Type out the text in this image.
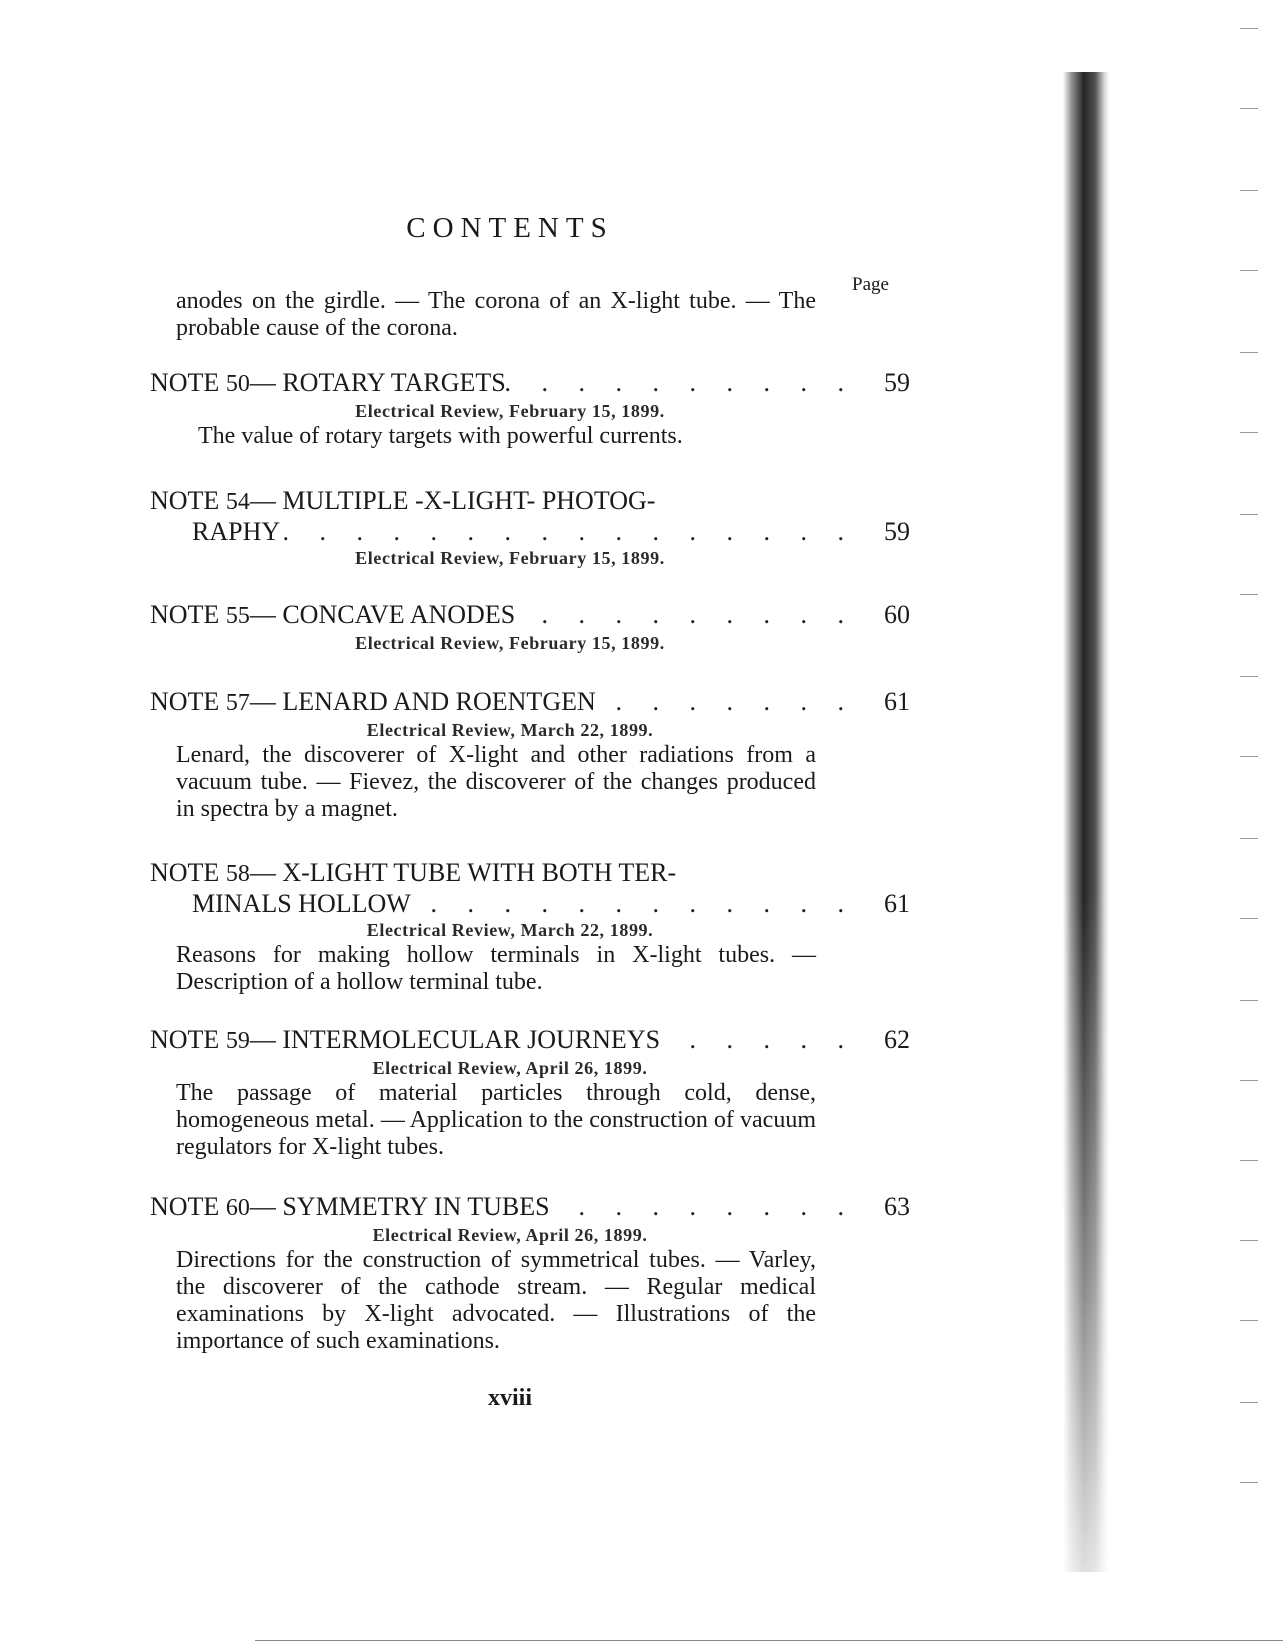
CONTENTS
Page
anodes on the girdle. — The corona of an X-light tube. — The probable cause of the corona.
NOTE 50— ROTARY TARGETS . . .	59
Electrical Review, February 15, 1899.
The value of rotary targets with powerful currents.
NOTE 54— MULTIPLE -X-LIGHT- PHOTOG-
RAPHY . . .	59
Electrical Review, February 15, 1899.
NOTE 55— CONCAVE ANODES . . .	60
Electrical Review, February 15, 1899.
NOTE 57— LENARD AND ROENTGEN . . .	61
Electrical Review, March 22, 1899.
Lenard, the discoverer of X-light and other radiations from a vacuum tube. — Fievez, the discoverer of the changes produced in spectra by a magnet.
NOTE 58— X-LIGHT TUBE WITH BOTH TER-
MINALS HOLLOW . . .	61
Electrical Review, March 22, 1899.
Reasons for making hollow terminals in X-light tubes. — Description of a hollow terminal tube.
NOTE 59— INTERMOLECULAR JOURNEYS . . .	62
Electrical Review, April 26, 1899.
The passage of material particles through cold, dense, homogeneous metal. — Application to the construction of vacuum regulators for X-light tubes.
NOTE 60— SYMMETRY IN TUBES . . .	63
Electrical Review, April 26, 1899.
Directions for the construction of symmetrical tubes. — Varley, the discoverer of the cathode stream. — Regular medical examinations by X-light advocated. — Illustrations of the importance of such examinations.
xviii
